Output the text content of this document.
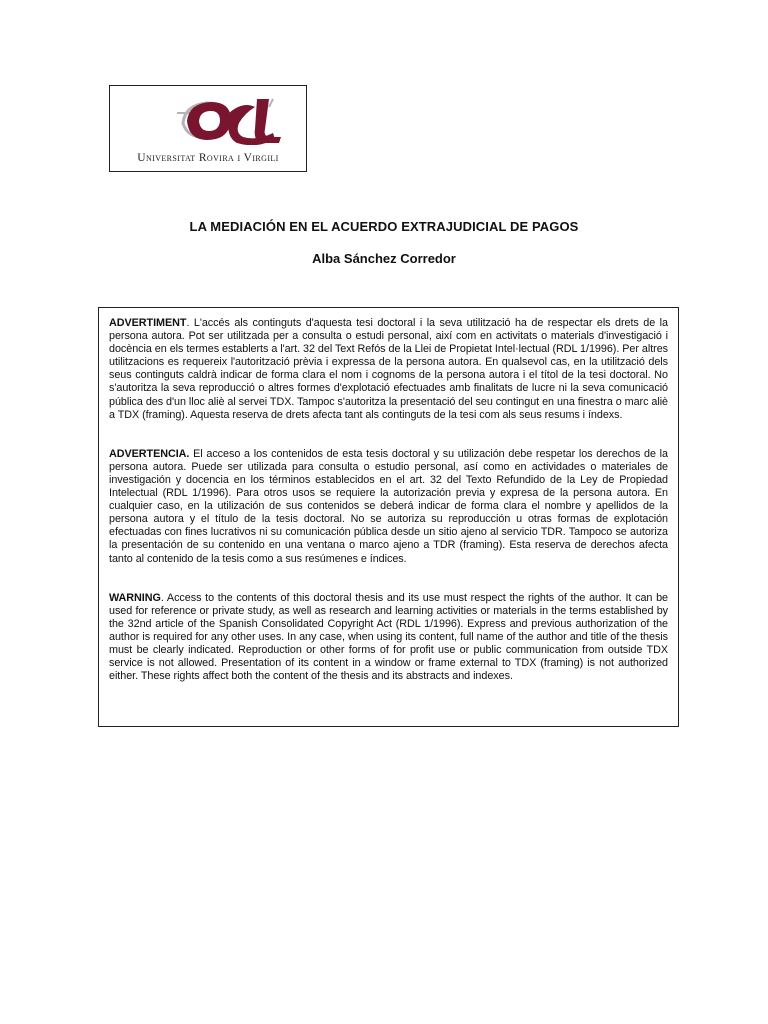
Universitat Rovira i Virgili
LA MEDIACIÓN EN EL ACUERDO EXTRAJUDICIAL DE PAGOS
Alba Sánchez Corredor

ADVERTIMENT. L'accés als continguts d'aquesta tesi doctoral i la seva utilització ha de respectar els drets de la persona autora. Pot ser utilitzada per a consulta o estudi personal, així com en activitats o materials d'investigació i docència en els termes establerts a l'art. 32 del Text Refós de la Llei de Propietat Intel·lectual (RDL 1/1996). Per altres utilitzacions es requereix l'autorització prèvia i expressa de la persona autora. En qualsevol cas, en la utilització dels seus continguts caldrà indicar de forma clara el nom i cognoms de la persona autora i el títol de la tesi doctoral. No s'autoritza la seva reproducció o altres formes d'explotació efectuades amb finalitats de lucre ni la seva comunicació pública des d'un lloc aliè al servei TDX. Tampoc s'autoritza la presentació del seu contingut en una finestra o marc aliè a TDX (framing). Aquesta reserva de drets afecta tant als continguts de la tesi com als seus resums i índexs.

ADVERTENCIA. El acceso a los contenidos de esta tesis doctoral y su utilización debe respetar los derechos de la persona autora. Puede ser utilizada para consulta o estudio personal, así como en actividades o materiales de investigación y docencia en los términos establecidos en el art. 32 del Texto Refundido de la Ley de Propiedad Intelectual (RDL 1/1996). Para otros usos se requiere la autorización previa y expresa de la persona autora. En cualquier caso, en la utilización de sus contenidos se deberá indicar de forma clara el nombre y apellidos de la persona autora y el título de la tesis doctoral. No se autoriza su reproducción u otras formas de explotación efectuadas con fines lucrativos ni su comunicación pública desde un sitio ajeno al servicio TDR. Tampoco se autoriza la presentación de su contenido en una ventana o marco ajeno a TDR (framing). Esta reserva de derechos afecta tanto al contenido de la tesis como a sus resúmenes e índices.

WARNING. Access to the contents of this doctoral thesis and its use must respect the rights of the author. It can be used for reference or private study, as well as research and learning activities or materials in the terms established by the 32nd article of the Spanish Consolidated Copyright Act (RDL 1/1996). Express and previous authorization of the author is required for any other uses. In any case, when using its content, full name of the author and title of the thesis must be clearly indicated. Reproduction or other forms of for profit use or public communication from outside TDX service is not allowed. Presentation of its content in a window or frame external to TDX (framing) is not authorized either. These rights affect both the content of the thesis and its abstracts and indexes.
